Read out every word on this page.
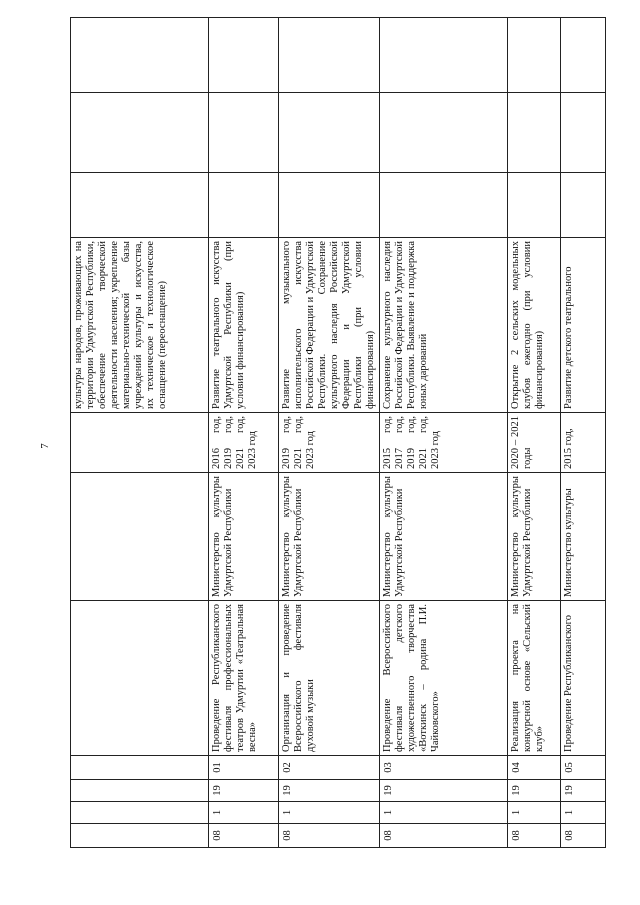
7
							культуры народов, проживающих на территории Удмуртской Республики, обеспечение творческой деятельности населения; укрепление материально-технической базы учреждений культуры и искусства, их техническое и технологическое оснащение (переоснащение)			
08	1	19	01	Проведение Республиканского фестиваля профессиональных театров Удмуртии «Театральная весна»	Министерство культуры Удмуртской Республики	2016 год, 2019 год, 2021 год, 2023 год	Развитие театрального искусства Удмуртской Республики (при условии финансирования)			
08	1	19	02	Организация и проведение Всероссийского фестиваля духовой музыки	Министерство культуры Удмуртской Республики	2019 год, 2021 год, 2023 год	Развитие музыкального исполнительского искусства Российской Федерации и Удмуртской Республики. Сохранение культурного наследия Российской Федерации и Удмуртской Республики (при условии финансирования)			
08	1	19	03	Проведение Всероссийского фестиваля детского художественного творчества «Воткинск – родина П.И. Чайковского»	Министерство культуры Удмуртской Республики	2015 год, 2017 год, 2019 год, 2021 год, 2023 год	Сохранение культурного наследия Российской Федерации и Удмуртской Республики. Выявление и поддержка юных дарований			
08	1	19	04	Реализация проекта на конкурсной основе «Сельский клуб»	Министерство культуры Удмуртской Республики	2020 – 2021 годы	Открытие 2 сельских модельных клубов ежегодно (при условии финансирования)			
08	1	19	05	Проведение Республиканского	Министерство культуры	2015 год,	Развитие детского театрального			
